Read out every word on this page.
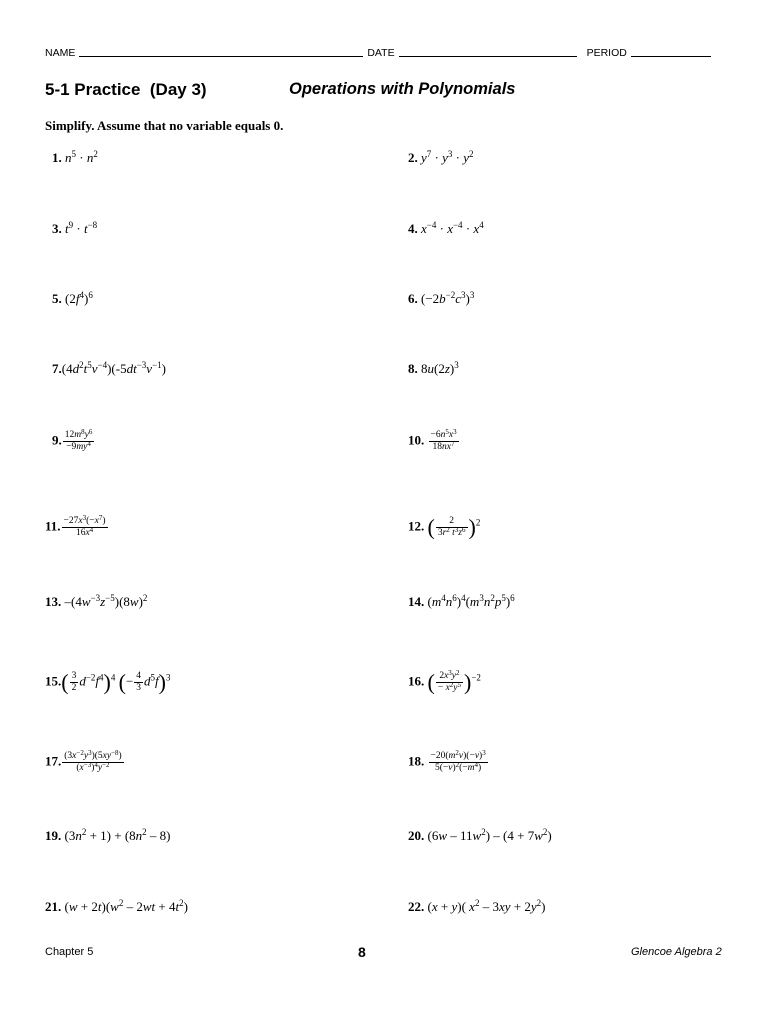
NAME	DATE	PERIOD
5-1 Practice  (Day 3)	Operations with Polynomials
Simplify. Assume that no variable equals 0.
1. $n^5 \cdot n^2$	2. $y^7 \cdot y^3 \cdot y^2$
3. $t^9 \cdot t^{-8}$	4. $x^{-4} \cdot x^{-4} \cdot x^4$
5. $(2f^4)^6$	6. $(-2b^{-2}c^3)^3$
$7.(4d^2t^5v^{-4})(-5dt^{-3}v^{-1})$	8. $8u(2z)^3$
9. $\frac{12m^8y^6}{-9my^4}$	10. $\frac{-6n^5x^3}{18nx^7}$
11. $\frac{-27x^3(-x^7)}{16x^4}$	12. ( $\frac{2}{3r^2 t^3z^6} )^2$
13. $-(4w^{-3}z^{-5})(8w)^2$	14. $(m^4n^6)^4(m^3n^2p^5)^6$
$15.( \frac{3}{2} d^{-2}f^4)^4$ (− $\frac{4}{3} d^5f)^3$	16. ( $\frac{2x^3y^2}{- x^2y^5} )^{-2}$
17. $\frac{(3x^{-2}y^3)(5xy^{-8})}{(x^{-3})^4y^{-2}}$	18. $\frac{-20(m^2v)(-v)^3}{5(-v)^2(-m^4)}$
19. $(3n^2 + 1) + (8n^2 - 8)$	20. $(6w - 11w^2) - (4 + 7w^2)$
21. $(w + 2t)(w^2 - 2wt + 4t^2)$	22. (x + y)( $x^2 - 3xy + 2y^2$)
Chapter 5	8	Glencoe Algebra 2
